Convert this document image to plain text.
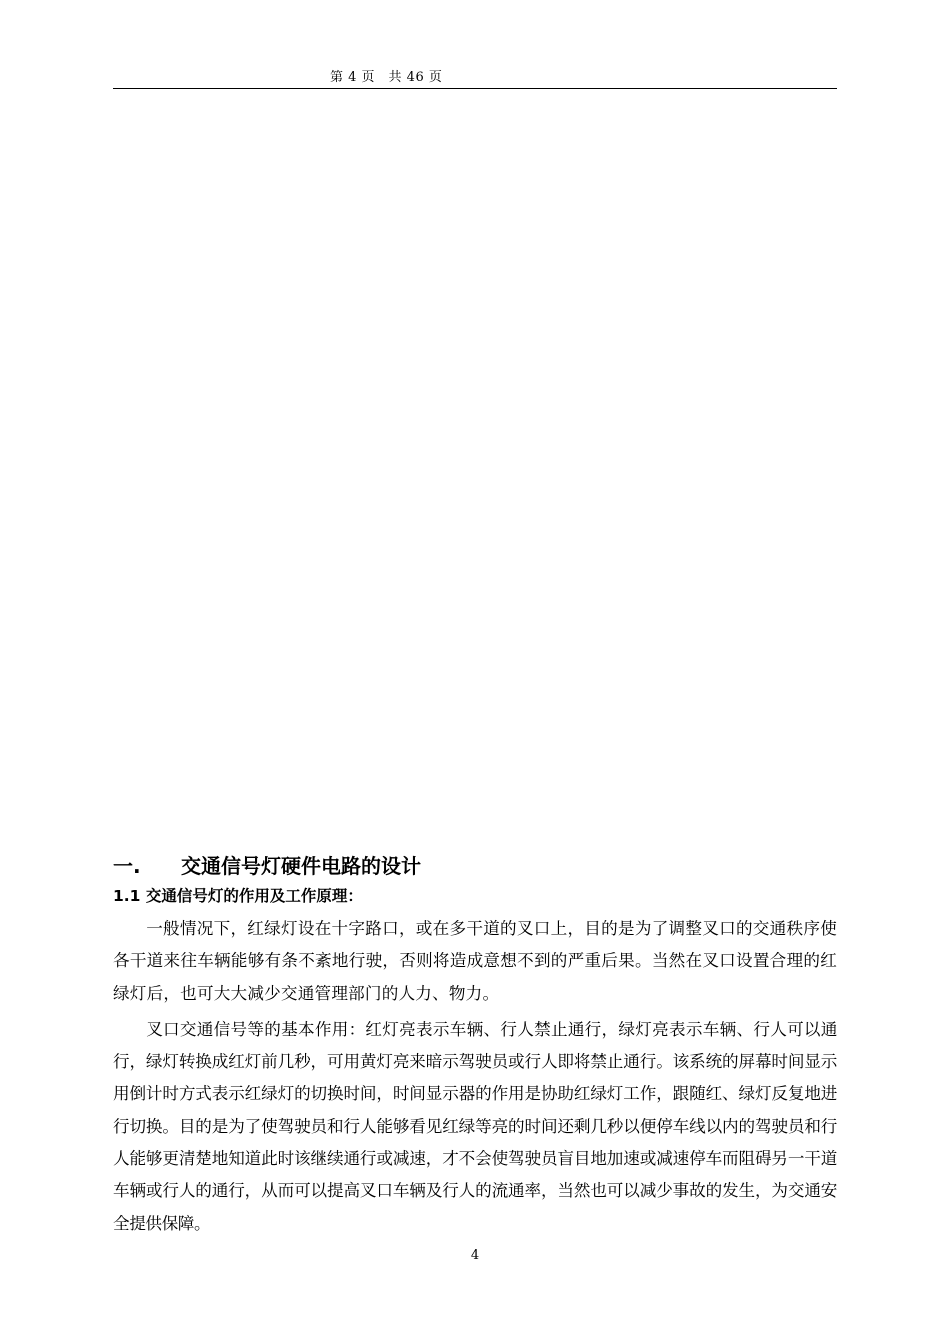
第 4 页　共 46 页
一. 交通信号灯硬件电路的设计
1.1 交通信号灯的作用及工作原理：

一般情况下，红绿灯设在十字路口，或在多干道的叉口上，目的是为了调整叉口的交通秩序使各干道来往车辆能够有条不紊地行驶，否则将造成意想不到的严重后果。当然在叉口设置合理的红绿灯后，也可大大减少交通管理部门的人力、物力。

叉口交通信号等的基本作用：红灯亮表示车辆、行人禁止通行，绿灯亮表示车辆、行人可以通行，绿灯转换成红灯前几秒，可用黄灯亮来暗示驾驶员或行人即将禁止通行。该系统的屏幕时间显示用倒计时方式表示红绿灯的切换时间，时间显示器的作用是协助红绿灯工作，跟随红、绿灯反复地进行切换。目的是为了使驾驶员和行人能够看见红绿等亮的时间还剩几秒以便停车线以内的驾驶员和行人能够更清楚地知道此时该继续通行或减速，才不会使驾驶员盲目地加速或减速停车而阻碍另一干道车辆或行人的通行，从而可以提高叉口车辆及行人的流通率，当然也可以减少事故的发生，为交通安全提供保障。

4
